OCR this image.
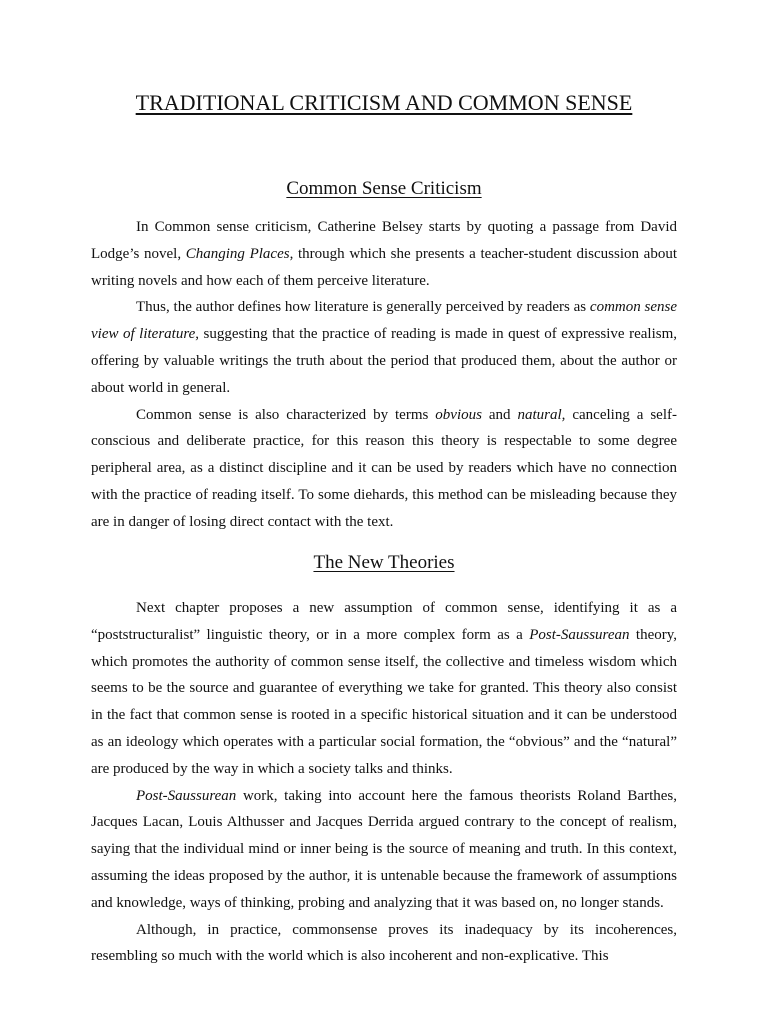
TRADITIONAL CRITICISM AND COMMON SENSE
Common Sense Criticism

In Common sense criticism, Catherine Belsey starts by quoting a passage from David Lodge’s novel, Changing Places, through which she presents a teacher-student discussion about writing novels and how each of them perceive literature.

Thus, the author defines how literature is generally perceived by readers as common sense view of literature, suggesting that the practice of reading is made in quest of expressive realism, offering by valuable writings the truth about the period that produced them, about the author or about world in general.

Common sense is also characterized by terms obvious and natural, canceling a self-conscious and deliberate practice, for this reason this theory is respectable to some degree peripheral area, as a distinct discipline and it can be used by readers which have no connection with the practice of reading itself. To some diehards, this method can be misleading because they are in danger of losing direct contact with the text.

The New Theories

Next chapter proposes a new assumption of common sense, identifying it as a “poststructuralist” linguistic theory, or in a more complex form as a Post-Saussurean theory, which promotes the authority of common sense itself, the collective and timeless wisdom which seems to be the source and guarantee of everything we take for granted. This theory also consist in the fact that common sense is rooted in a specific historical situation and it can be understood as an ideology which operates with a particular social formation, the “obvious” and the “natural” are produced by the way in which a society talks and thinks.

Post-Saussurean work, taking into account here the famous theorists Roland Barthes, Jacques Lacan, Louis Althusser and Jacques Derrida argued contrary to the concept of realism, saying that the individual mind or inner being is the source of meaning and truth. In this context, assuming the ideas proposed by the author, it is untenable because the framework of assumptions and knowledge, ways of thinking, probing and analyzing that it was based on, no longer stands.

Although, in practice, commonsense proves its inadequacy by its incoherences, resembling so much with the world which is also incoherent and non-explicative. This
